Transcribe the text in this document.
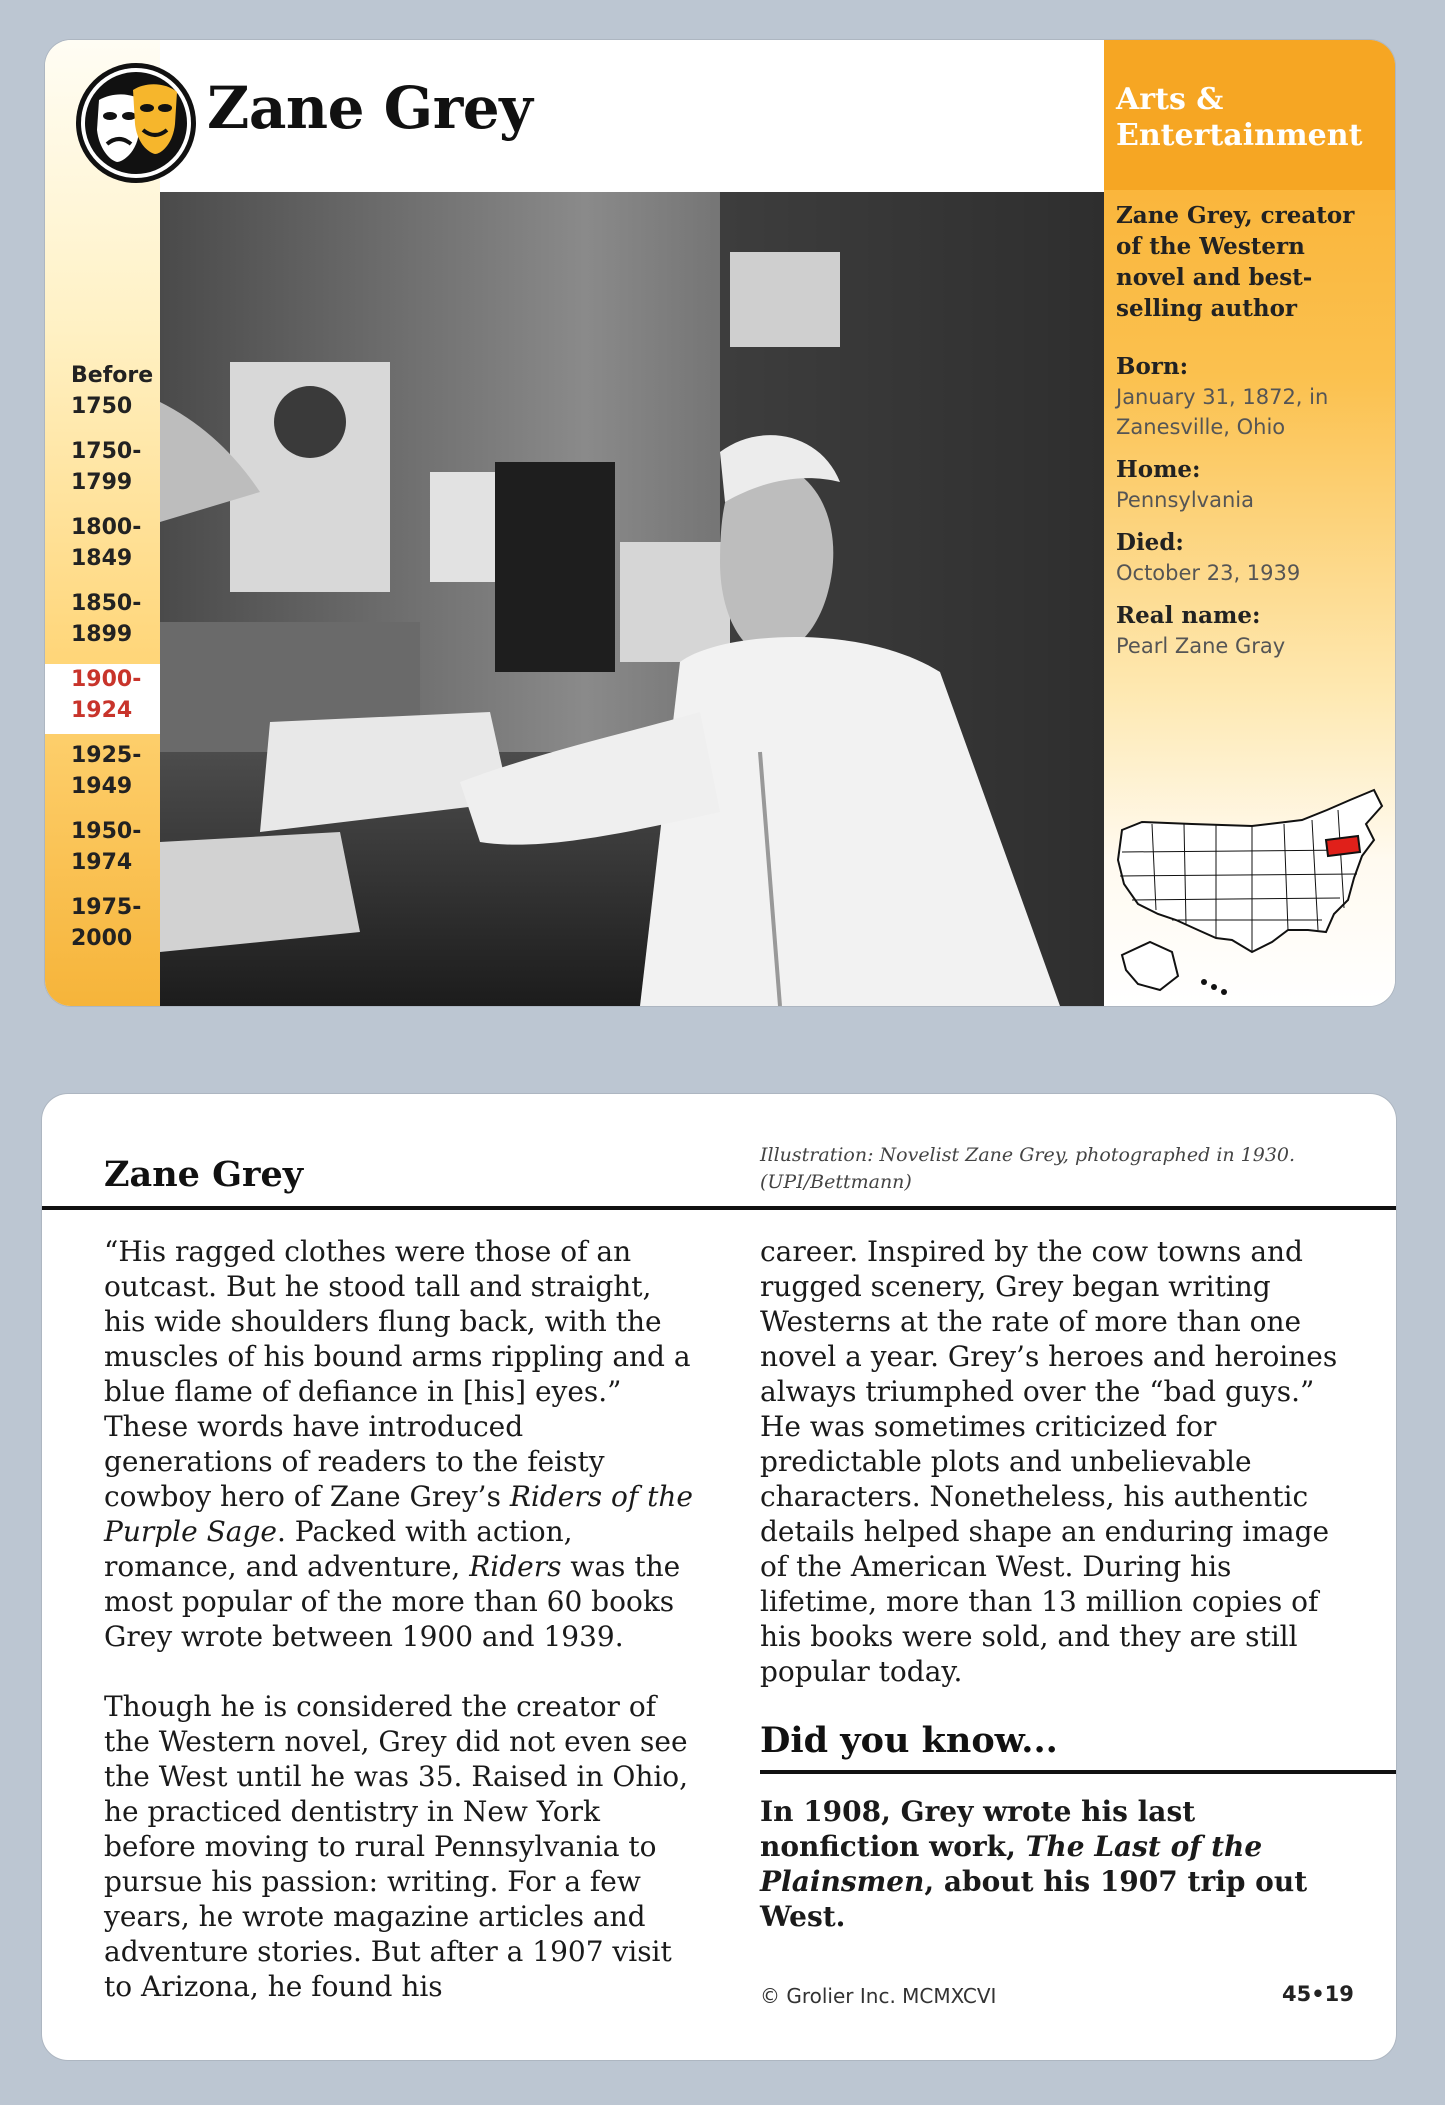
Before
1750
1750-
1799
1800-
1849
1850-
1899
1900-
1924
1925-
1949
1950-
1974
1975-
2000
Zane Grey	Arts &
Entertainment
Zane Grey, creator of the Western novel and best-selling author
Born:
January 31, 1872, in Zanesville, Ohio
Home:
Pennsylvania
Died:
October 23, 1939
Real name:
Pearl Zane Gray
Zane Grey	Illustration: Novelist Zane Grey, photographed in 1930. (UPI/Bettmann)

“His ragged clothes were those of an outcast. But he stood tall and straight, his wide shoulders flung back, with the muscles of his bound arms rippling and a blue flame of defiance in [his] eyes.” These words have introduced generations of readers to the feisty cowboy hero of Zane Grey’s Riders of the Purple Sage. Packed with action, romance, and adventure, Riders was the most popular of the more than 60 books Grey wrote between 1900 and 1939.

Though he is considered the creator of the Western novel, Grey did not even see the West until he was 35. Raised in Ohio, he practiced dentistry in New York before moving to rural Pennsylvania to pursue his passion: writing. For a few years, he wrote magazine articles and adventure stories. But after a 1907 visit to Arizona, he found his

career. Inspired by the cow towns and rugged scenery, Grey began writing Westerns at the rate of more than one novel a year. Grey’s heroes and heroines always triumphed over the “bad guys.” He was sometimes criticized for predictable plots and unbelievable characters. Nonetheless, his authentic details helped shape an enduring image of the American West. During his lifetime, more than 13 million copies of his books were sold, and they are still popular today.

Did you know...
In 1908, Grey wrote his last nonfiction work, The Last of the Plainsmen, about his 1907 trip out West.
© Grolier Inc. MCMXCVI	45•19
